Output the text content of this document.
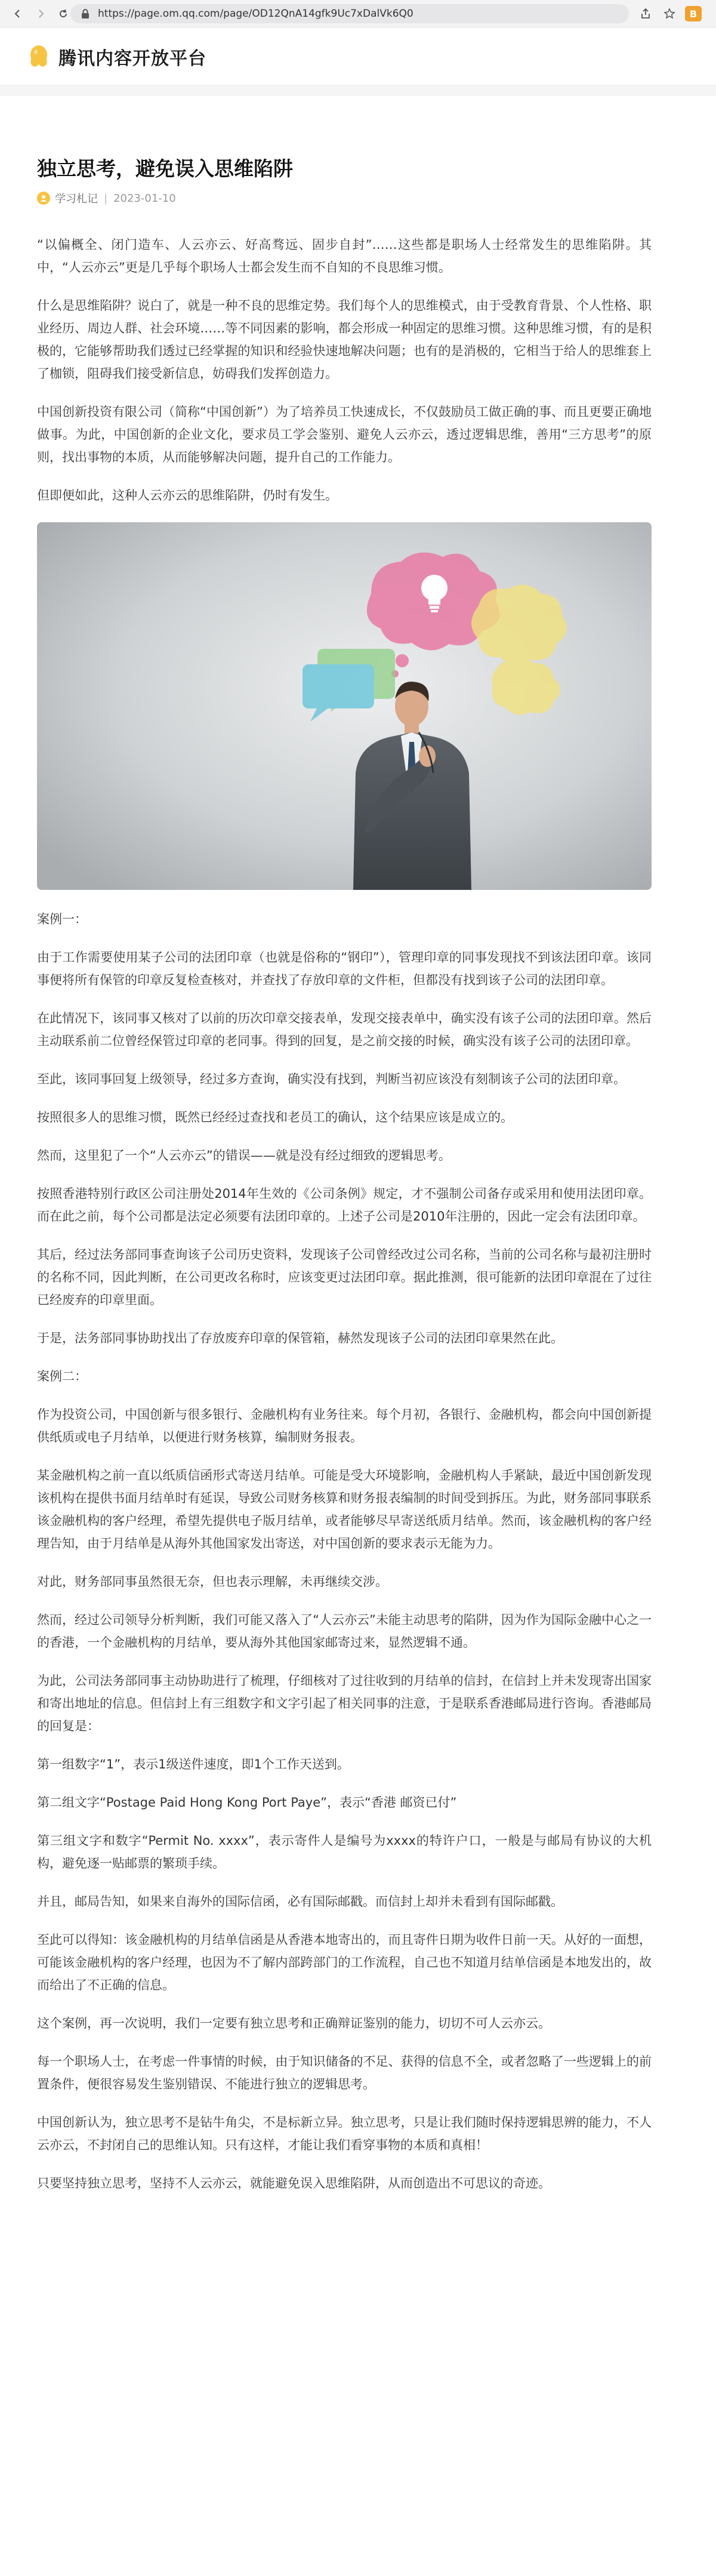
https://page.om.qq.com/page/OD12QnA14gfk9Uc7xDalVk6Q0	B
腾讯内容开放平台
独立思考，避免误入思维陷阱
学习札记 | 2023-01-10

“以偏概全、闭门造车、人云亦云、好高骛远、固步自封”……这些都是职场人士经常发生的思维陷阱。其中，“人云亦云”更是几乎每个职场人士都会发生而不自知的不良思维习惯。

什么是思维陷阱？说白了，就是一种不良的思维定势。我们每个人的思维模式，由于受教育背景、个人性格、职业经历、周边人群、社会环境……等不同因素的影响，都会形成一种固定的思维习惯。这种思维习惯，有的是积极的，它能够帮助我们透过已经掌握的知识和经验快速地解决问题；也有的是消极的，它相当于给人的思维套上了枷锁，阻碍我们接受新信息，妨碍我们发挥创造力。

中国创新投资有限公司（简称“中国创新”）为了培养员工快速成长，不仅鼓励员工做正确的事、而且更要正确地做事。为此，中国创新的企业文化，要求员工学会鉴别、避免人云亦云，透过逻辑思维，善用“三方思考”的原则，找出事物的本质，从而能够解决问题，提升自己的工作能力。

但即便如此，这种人云亦云的思维陷阱，仍时有发生。

案例一：

由于工作需要使用某子公司的法团印章（也就是俗称的“钢印”），管理印章的同事发现找不到该法团印章。该同事便将所有保管的印章反复检查核对，并查找了存放印章的文件柜，但都没有找到该子公司的法团印章。

在此情况下，该同事又核对了以前的历次印章交接表单，发现交接表单中，确实没有该子公司的法团印章。然后主动联系前二位曾经保管过印章的老同事。得到的回复，是之前交接的时候，确实没有该子公司的法团印章。

至此，该同事回复上级领导，经过多方查询，确实没有找到，判断当初应该没有刻制该子公司的法团印章。

按照很多人的思维习惯，既然已经经过查找和老员工的确认，这个结果应该是成立的。

然而，这里犯了一个“人云亦云”的错误——就是没有经过细致的逻辑思考。

按照香港特别行政区公司注册处2014年生效的《公司条例》规定，才不强制公司备存或采用和使用法团印章。而在此之前，每个公司都是法定必须要有法团印章的。上述子公司是2010年注册的，因此一定会有法团印章。

其后，经过法务部同事查询该子公司历史资料，发现该子公司曾经改过公司名称，当前的公司名称与最初注册时的名称不同，因此判断，在公司更改名称时，应该变更过法团印章。据此推测，很可能新的法团印章混在了过往已经废弃的印章里面。

于是，法务部同事协助找出了存放废弃印章的保管箱，赫然发现该子公司的法团印章果然在此。

案例二：

作为投资公司，中国创新与很多银行、金融机构有业务往来。每个月初，各银行、金融机构，都会向中国创新提供纸质或电子月结单，以便进行财务核算，编制财务报表。

某金融机构之前一直以纸质信函形式寄送月结单。可能是受大环境影响，金融机构人手紧缺，最近中国创新发现该机构在提供书面月结单时有延误，导致公司财务核算和财务报表编制的时间受到拆压。为此，财务部同事联系该金融机构的客户经理，希望先提供电子版月结单，或者能够尽早寄送纸质月结单。然而，该金融机构的客户经理告知，由于月结单是从海外其他国家发出寄送，对中国创新的要求表示无能为力。

对此，财务部同事虽然很无奈，但也表示理解，未再继续交涉。

然而，经过公司领导分析判断，我们可能又落入了“人云亦云”未能主动思考的陷阱，因为作为国际金融中心之一的香港，一个金融机构的月结单，要从海外其他国家邮寄过来，显然逻辑不通。

为此，公司法务部同事主动协助进行了梳理，仔细核对了过往收到的月结单的信封，在信封上并未发现寄出国家和寄出地址的信息。但信封上有三组数字和文字引起了相关同事的注意，于是联系香港邮局进行咨询。香港邮局的回复是：

第一组数字“1”，表示1级送件速度，即1个工作天送到。

第二组文字“Postage Paid Hong Kong Port Paye”，表示“香港 邮资已付”

第三组文字和数字“Permit No. xxxx”，表示寄件人是编号为xxxx的特许户口，一般是与邮局有协议的大机构，避免逐一贴邮票的繁琐手续。

并且，邮局告知，如果来自海外的国际信函，必有国际邮戳。而信封上却并未看到有国际邮戳。

至此可以得知：该金融机构的月结单信函是从香港本地寄出的，而且寄件日期为收件日前一天。从好的一面想，可能该金融机构的客户经理，也因为不了解内部跨部门的工作流程，自己也不知道月结单信函是本地发出的，故而给出了不正确的信息。

这个案例，再一次说明，我们一定要有独立思考和正确辩证鉴别的能力，切切不可人云亦云。

每一个职场人士，在考虑一件事情的时候，由于知识储备的不足、获得的信息不全，或者忽略了一些逻辑上的前置条件，便很容易发生鉴别错误、不能进行独立的逻辑思考。

中国创新认为，独立思考不是钻牛角尖，不是标新立异。独立思考，只是让我们随时保持逻辑思辨的能力，不人云亦云，不封闭自己的思维认知。只有这样，才能让我们看穿事物的本质和真相！

只要坚持独立思考，坚持不人云亦云，就能避免误入思维陷阱，从而创造出不可思议的奇迹。
